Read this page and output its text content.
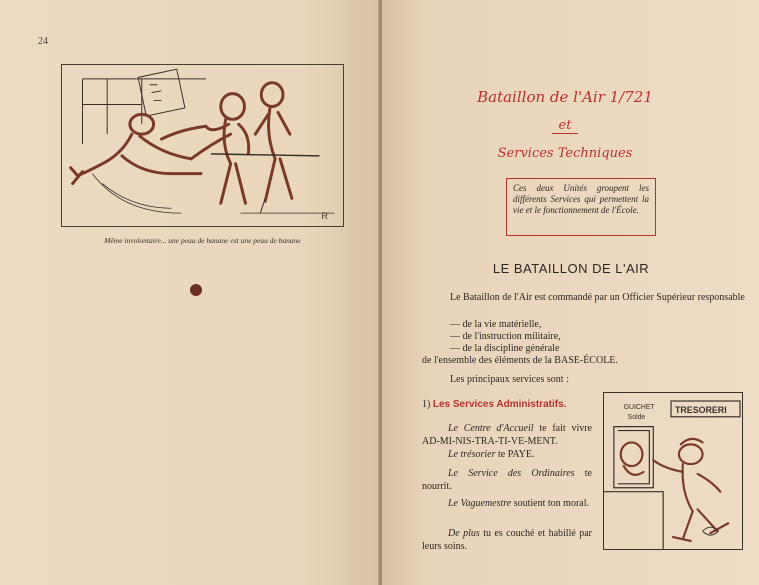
24
R
Même involontaire... une peau de banane est une peau de banane
Bataillon de l'Air 1/721
et
Services Techniques
Ces deux Unités groupent les différents Services qui permettent la vie et le fonctionnement de l'École.
LE BATAILLON DE L'AIR
Le Bataillon de l'Air est commandé par un Officier Supérieur responsable
— de la vie matérielle,
— de l'instruction militaire,
— de la discipline générale
de l'ensemble des éléments de la BASE-ÉCOLE.
Les principaux services sont :
1) Les Services Administratifs.
Le Centre d'Accueil te fait vivre AD-MI-NIS-TRA-TI-VE-MENT.
Le trésorier te PAYE.
Le Service des Ordinaires te nourrit.
Le Vaguemestre soutient ton moral.
De plus tu es couché et habillé par leurs soins.
GUICHET
Solde
TRESORERI
